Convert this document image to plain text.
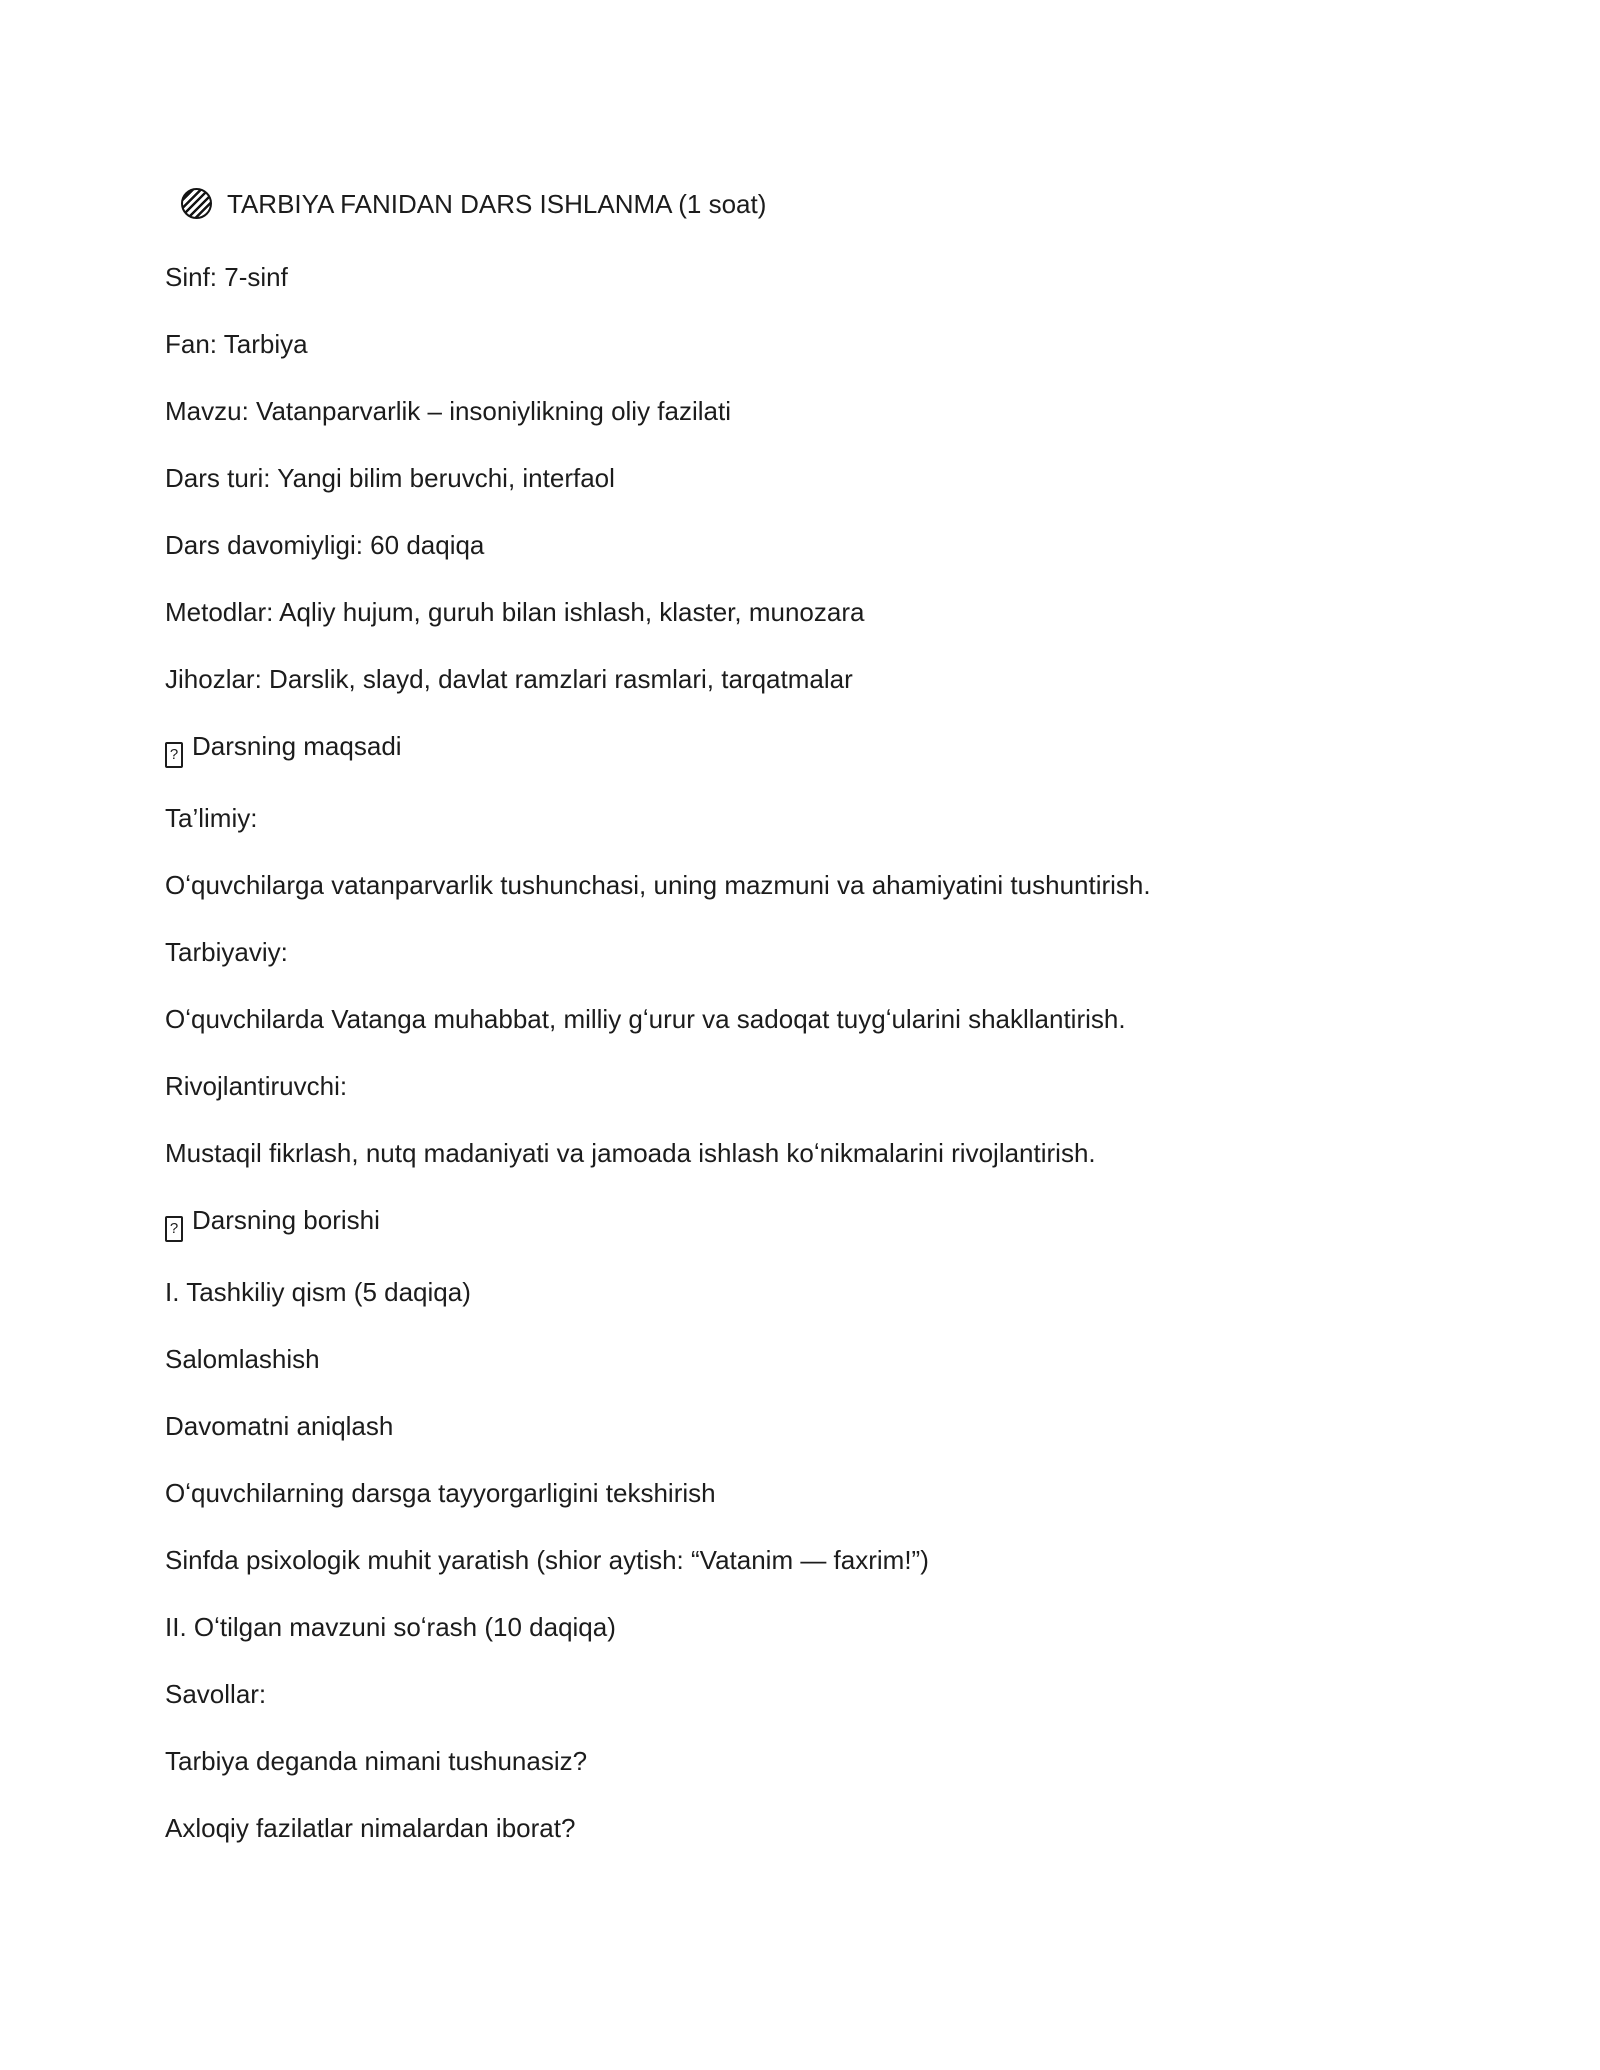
TARBIYA FANIDAN DARS ISHLANMA (1 soat)

Sinf: 7-sinf

Fan: Tarbiya

Mavzu: Vatanparvarlik – insoniylikning oliy fazilati

Dars turi: Yangi bilim beruvchi, interfaol

Dars davomiyligi: 60 daqiqa

Metodlar: Aqliy hujum, guruh bilan ishlash, klaster, munozara

Jihozlar: Darslik, slayd, davlat ramzlari rasmlari, tarqatmalar

? Darsning maqsadi

Ta’limiy:

Oʻquvchilarga vatanparvarlik tushunchasi, uning mazmuni va ahamiyatini tushuntirish.

Tarbiyaviy:

Oʻquvchilarda Vatanga muhabbat, milliy gʻurur va sadoqat tuygʻularini shakllantirish.

Rivojlantiruvchi:

Mustaqil fikrlash, nutq madaniyati va jamoada ishlash koʻnikmalarini rivojlantirish.

? Darsning borishi

I. Tashkiliy qism (5 daqiqa)

Salomlashish

Davomatni aniqlash

Oʻquvchilarning darsga tayyorgarligini tekshirish

Sinfda psixologik muhit yaratish (shior aytish: “Vatanim — faxrim!”)

II. Oʻtilgan mavzuni soʻrash (10 daqiqa)

Savollar:

Tarbiya deganda nimani tushunasiz?

Axloqiy fazilatlar nimalardan iborat?
